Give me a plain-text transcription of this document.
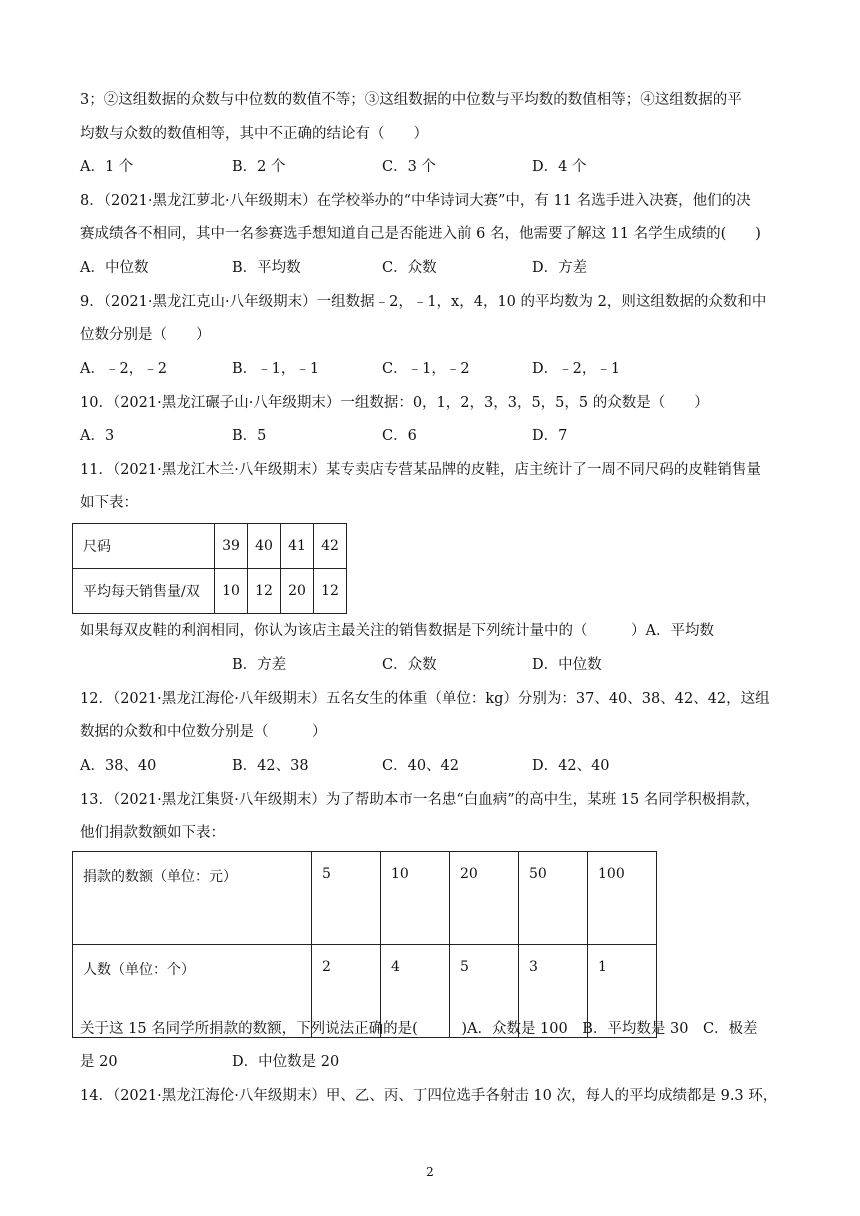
3；②这组数据的众数与中位数的数值不等；③这组数据的中位数与平均数的数值相等；④这组数据的平
均数与众数的数值相等，其中不正确的结论有（　　）
A．1 个	B．2 个	C．3 个	D．4 个
8．（2021·黑龙江萝北·八年级期末）在学校举办的“中华诗词大赛”中，有 11 名选手进入决赛，他们的决
赛成绩各不相同，其中一名参赛选手想知道自己是否能进入前 6 名，他需要了解这 11 名学生成绩的(　　)
A．中位数	B．平均数	C．众数	D．方差
9．（2021·黑龙江克山·八年级期末）一组数据﹣2，﹣1，x，4，10 的平均数为 2，则这组数据的众数和中
位数分别是（　　）
A．﹣2，﹣2	B．﹣1，﹣1	C．﹣1，﹣2	D．﹣2，﹣1
10．（2021·黑龙江碾子山·八年级期末）一组数据：0，1，2，3，3，5，5，5 的众数是（　　）
A．3	B．5	C．6	D．7
11．（2021·黑龙江木兰·八年级期末）某专卖店专营某品牌的皮鞋，店主统计了一周不同尺码的皮鞋销售量
如下表：
尺码	39	40	41	42
平均每天销售量/双	10	12	20	12
如果每双皮鞋的利润相同，你认为该店主最关注的销售数据是下列统计量中的（　　　）A．平均数
B．方差	C．众数	D．中位数
12．（2021·黑龙江海伦·八年级期末）五名女生的体重（单位：kg）分别为：37、40、38、42、42，这组
数据的众数和中位数分别是（　　　）
A．38、40	B．42、38	C．40、42	D．42、40
13．（2021·黑龙江集贤·八年级期末）为了帮助本市一名患“白血病”的高中生，某班 15 名同学积极捐款，
他们捐款数额如下表：
捐款的数额（单位：元）	5	10	20	50	100
人数（单位：个）	2	4	5	3	1
关于这 15 名同学所捐款的数额，下列说法正确的是(　　　)A．众数是 100　B．平均数是 30　C．极差
是 20	D．中位数是 20
14．（2021·黑龙江海伦·八年级期末）甲、乙、丙、丁四位选手各射击 10 次，每人的平均成绩都是 9.3 环，
2
